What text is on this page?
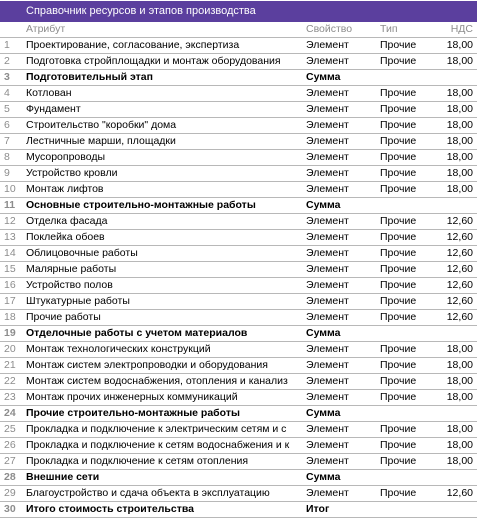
Справочник ресурсов и этапов производства
	Атрибут	Свойство	Тип	НДС
1	Проектирование, согласование, экспертиза	Элемент	Прочие	18,00
2	Подготовка стройплощадки и монтаж оборудования	Элемент	Прочие	18,00
3	Подготовительный этап	Сумма		
4	Котлован	Элемент	Прочие	18,00
5	Фундамент	Элемент	Прочие	18,00
6	Строительство "коробки" дома	Элемент	Прочие	18,00
7	Лестничные марши, площадки	Элемент	Прочие	18,00
8	Мусоропроводы	Элемент	Прочие	18,00
9	Устройство кровли	Элемент	Прочие	18,00
10	Монтаж лифтов	Элемент	Прочие	18,00
11	Основные строительно-монтажные работы	Сумма		
12	Отделка фасада	Элемент	Прочие	12,60
13	Поклейка обоев	Элемент	Прочие	12,60
14	Облицовочные работы	Элемент	Прочие	12,60
15	Малярные работы	Элемент	Прочие	12,60
16	Устройство полов	Элемент	Прочие	12,60
17	Штукатурные работы	Элемент	Прочие	12,60
18	Прочие работы	Элемент	Прочие	12,60
19	Отделочные работы с учетом материалов	Сумма		
20	Монтаж технологических конструкций	Элемент	Прочие	18,00
21	Монтаж систем электропроводки и оборудования	Элемент	Прочие	18,00
22	Монтаж систем водоснабжения, отопления и канализ	Элемент	Прочие	18,00
23	Монтаж прочих инженерных коммуникаций	Элемент	Прочие	18,00
24	Прочие строительно-монтажные работы	Сумма		
25	Прокладка и подключение к электрическим сетям и с	Элемент	Прочие	18,00
26	Прокладка и подключение к сетям водоснабжения и к	Элемент	Прочие	18,00
27	Прокладка и подключение к сетям отопления	Элемент	Прочие	18,00
28	Внешние сети	Сумма		
29	Благоустройство и сдача объекта в эксплуатацию	Элемент	Прочие	12,60
30	Итого стоимость строительства	Итог		
